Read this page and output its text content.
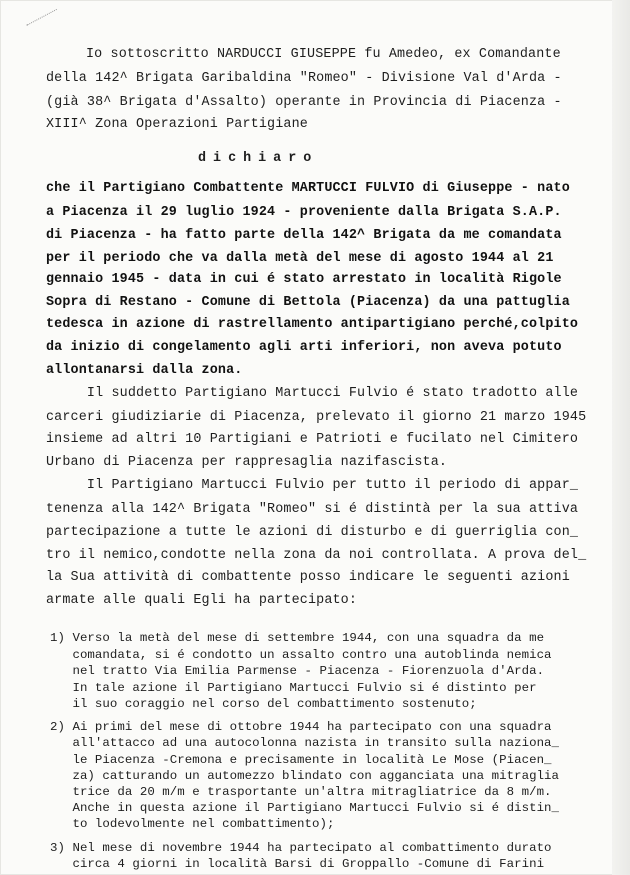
Io sottoscritto NARDUCCI GIUSEPPE fu Amedeo, ex Comandante
della 142^ Brigata Garibaldina "Romeo" - Divisione Val d'Arda -
(già 38^ Brigata d'Assalto) operante in Provincia di Piacenza -
XIII^ Zona Operazioni Partigiane
dichiaro
che il Partigiano Combattente MARTUCCI FULVIO di Giuseppe - nato
a Piacenza il 29 luglio 1924 - proveniente dalla Brigata S.A.P.
di Piacenza - ha fatto parte della 142^ Brigata da me comandata
per il periodo che va dalla metà del mese di agosto 1944 al 21
gennaio 1945 - data in cui é stato arrestato in località Rigole
Sopra di Restano - Comune di Bettola (Piacenza) da una pattuglia
tedesca in azione di rastrellamento antipartigiano perché,colpito
da inizio di congelamento agli arti inferiori, non aveva potuto
allontanarsi dalla zona.
Il suddetto Partigiano Martucci Fulvio é stato tradotto alle
carceri giudiziarie di Piacenza, prelevato il giorno 21 marzo 1945
insieme ad altri 10 Partigiani e Patrioti e fucilato nel Cimitero
Urbano di Piacenza per rappresaglia nazifascista.
Il Partigiano Martucci Fulvio per tutto il periodo di appar_
tenenza alla 142^ Brigata "Romeo" si é distintà per la sua attiva
partecipazione a tutte le azioni di disturbo e di guerriglia con_
tro il nemico,condotte nella zona da noi controllata. A prova del_
la Sua attività di combattente posso indicare le seguenti azioni
armate alle quali Egli ha partecipato:
1) Verso la metà del mese di settembre 1944, con una squadra da me
comandata, si é condotto un assalto contro una autoblinda nemica
nel tratto Via Emilia Parmense - Piacenza - Fiorenzuola d'Arda.
In tale azione il Partigiano Martucci Fulvio si é distinto per
il suo coraggio nel corso del combattimento sostenuto;
2) Ai primi del mese di ottobre 1944 ha partecipato con una squadra
all'attacco ad una autocolonna nazista in transito sulla naziona_
le Piacenza -Cremona e precisamente in località Le Mose (Piacen_
za) catturando un automezzo blindato con agganciata una mitraglia
trice da 20 m/m e trasportante un'altra mitragliatrice da 8 m/m.
Anche in questa azione il Partigiano Martucci Fulvio si é distin_
to lodevolmente nel combattimento);
3) Nel mese di novembre 1944 ha partecipato al combattimento durato
circa 4 giorni in località Barsi di Groppallo -Comune di Farini
